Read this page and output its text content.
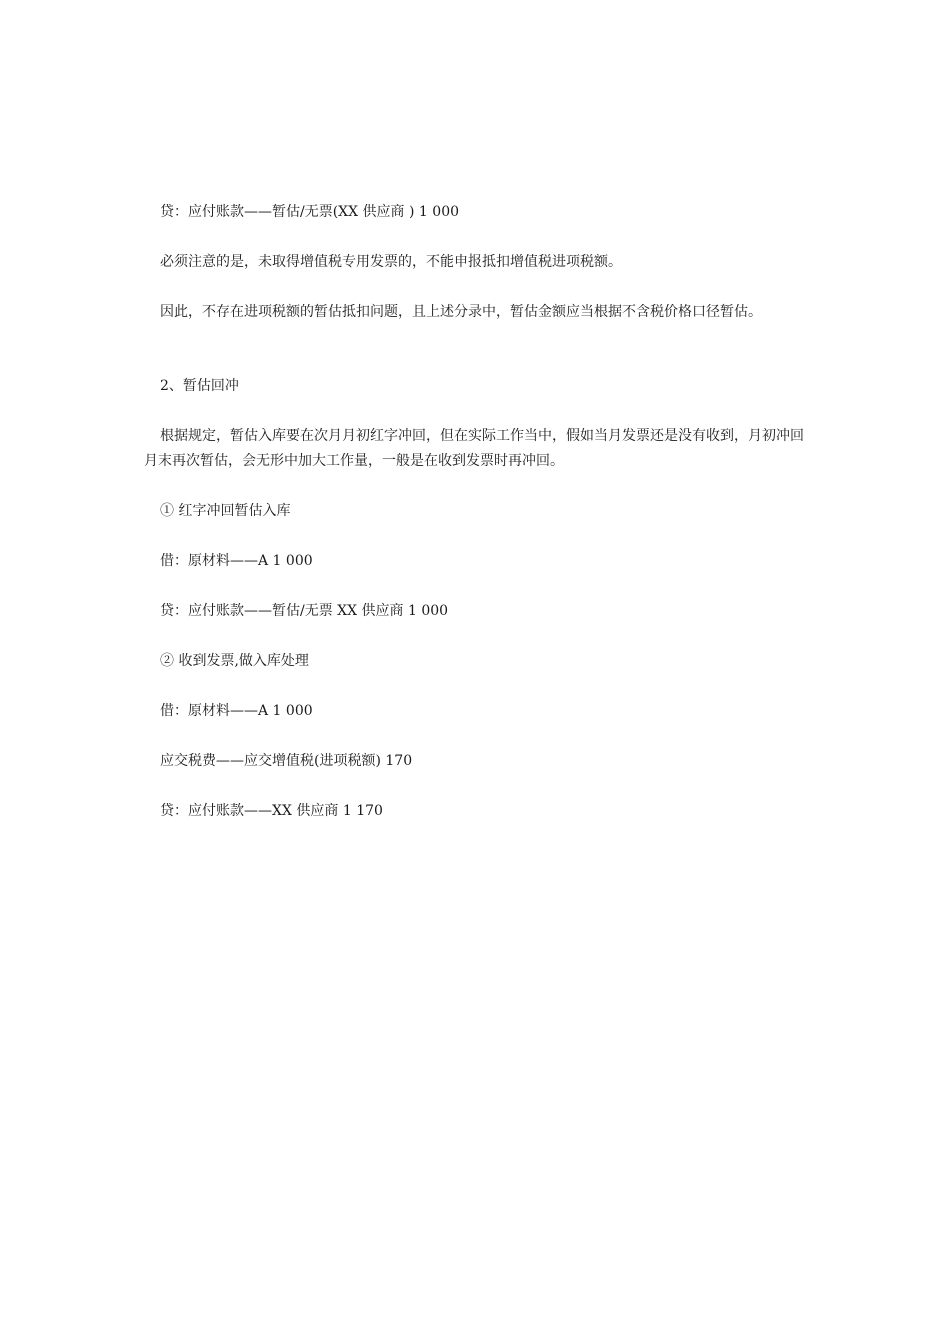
贷：应付账款——暂估/无票(XX 供应商 ) 1 000

必须注意的是，未取得增值税专用发票的，不能申报抵扣增值税进项税额。

因此，不存在进项税额的暂估抵扣问题，且上述分录中，暂估金额应当根据不含税价格口径暂估。

2、暂估回冲

根据规定，暂估入库要在次月月初红字冲回，但在实际工作当中，假如当月发票还是没有收到，月初冲回月末再次暂估，会无形中加大工作量，一般是在收到发票时再冲回。

① 红字冲回暂估入库

借：原材料——A 1 000

贷：应付账款——暂估/无票 XX 供应商 1 000

② 收到发票,做入库处理

借：原材料——A 1 000

应交税费——应交增值税(进项税额) 170

贷：应付账款——XX 供应商 1 170
